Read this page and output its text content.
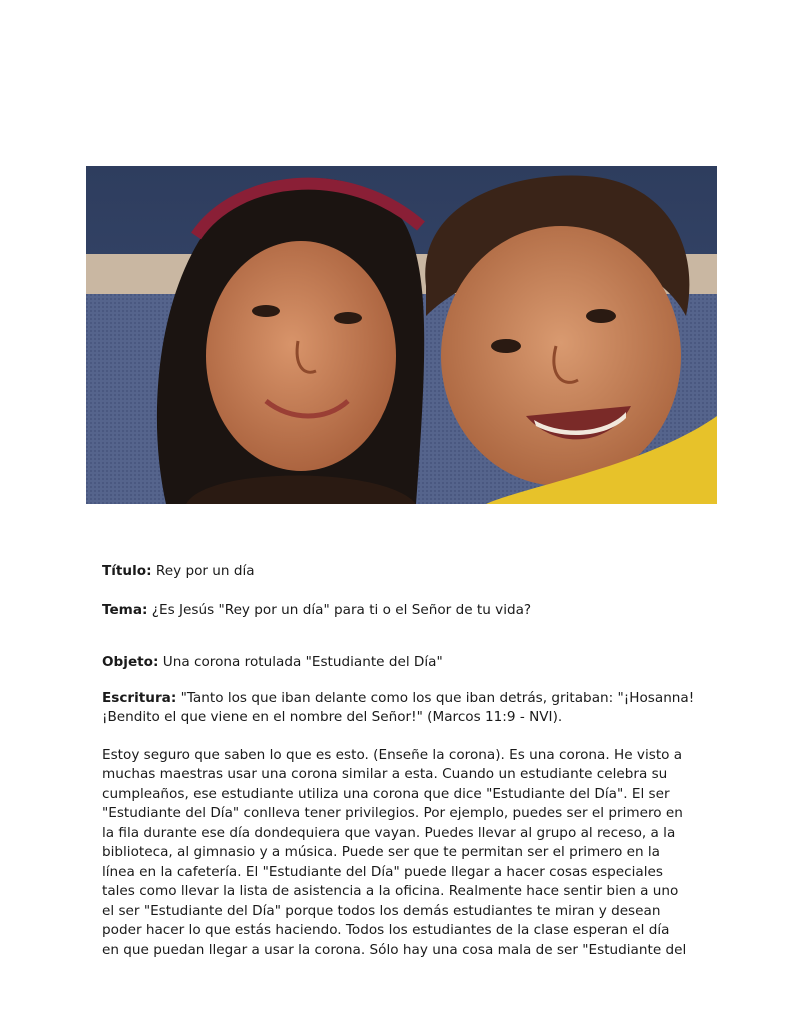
Título: Rey por un día

Tema: ¿Es Jesús "Rey por un día" para ti o el Señor de tu vida?

Objeto: Una corona rotulada "Estudiante del Día"

Escritura: "Tanto los que iban delante como los que iban detrás, gritaban: "¡Hosanna!

¡Bendito el que viene en el nombre del Señor!" (Marcos 11:9 - NVI).

Estoy seguro que saben lo que es esto. (Enseñe la corona). Es una corona. He visto a

muchas maestras usar una corona similar a esta. Cuando un estudiante celebra su

cumpleaños, ese estudiante utiliza una corona que dice "Estudiante del Día". El ser

"Estudiante del Día" conlleva tener privilegios. Por ejemplo, puedes ser el primero en

la fila durante ese día dondequiera que vayan. Puedes llevar al grupo al receso, a la

biblioteca, al gimnasio y a música. Puede ser que te permitan ser el primero en la

línea en la cafetería. El "Estudiante del Día" puede llegar a hacer cosas especiales

tales como llevar la lista de asistencia a la oficina. Realmente hace sentir bien a uno

el ser "Estudiante del Día" porque todos los demás estudiantes te miran y desean

poder hacer lo que estás haciendo. Todos los estudiantes de la clase esperan el día

en que puedan llegar a usar la corona. Sólo hay una cosa mala de ser "Estudiante del
